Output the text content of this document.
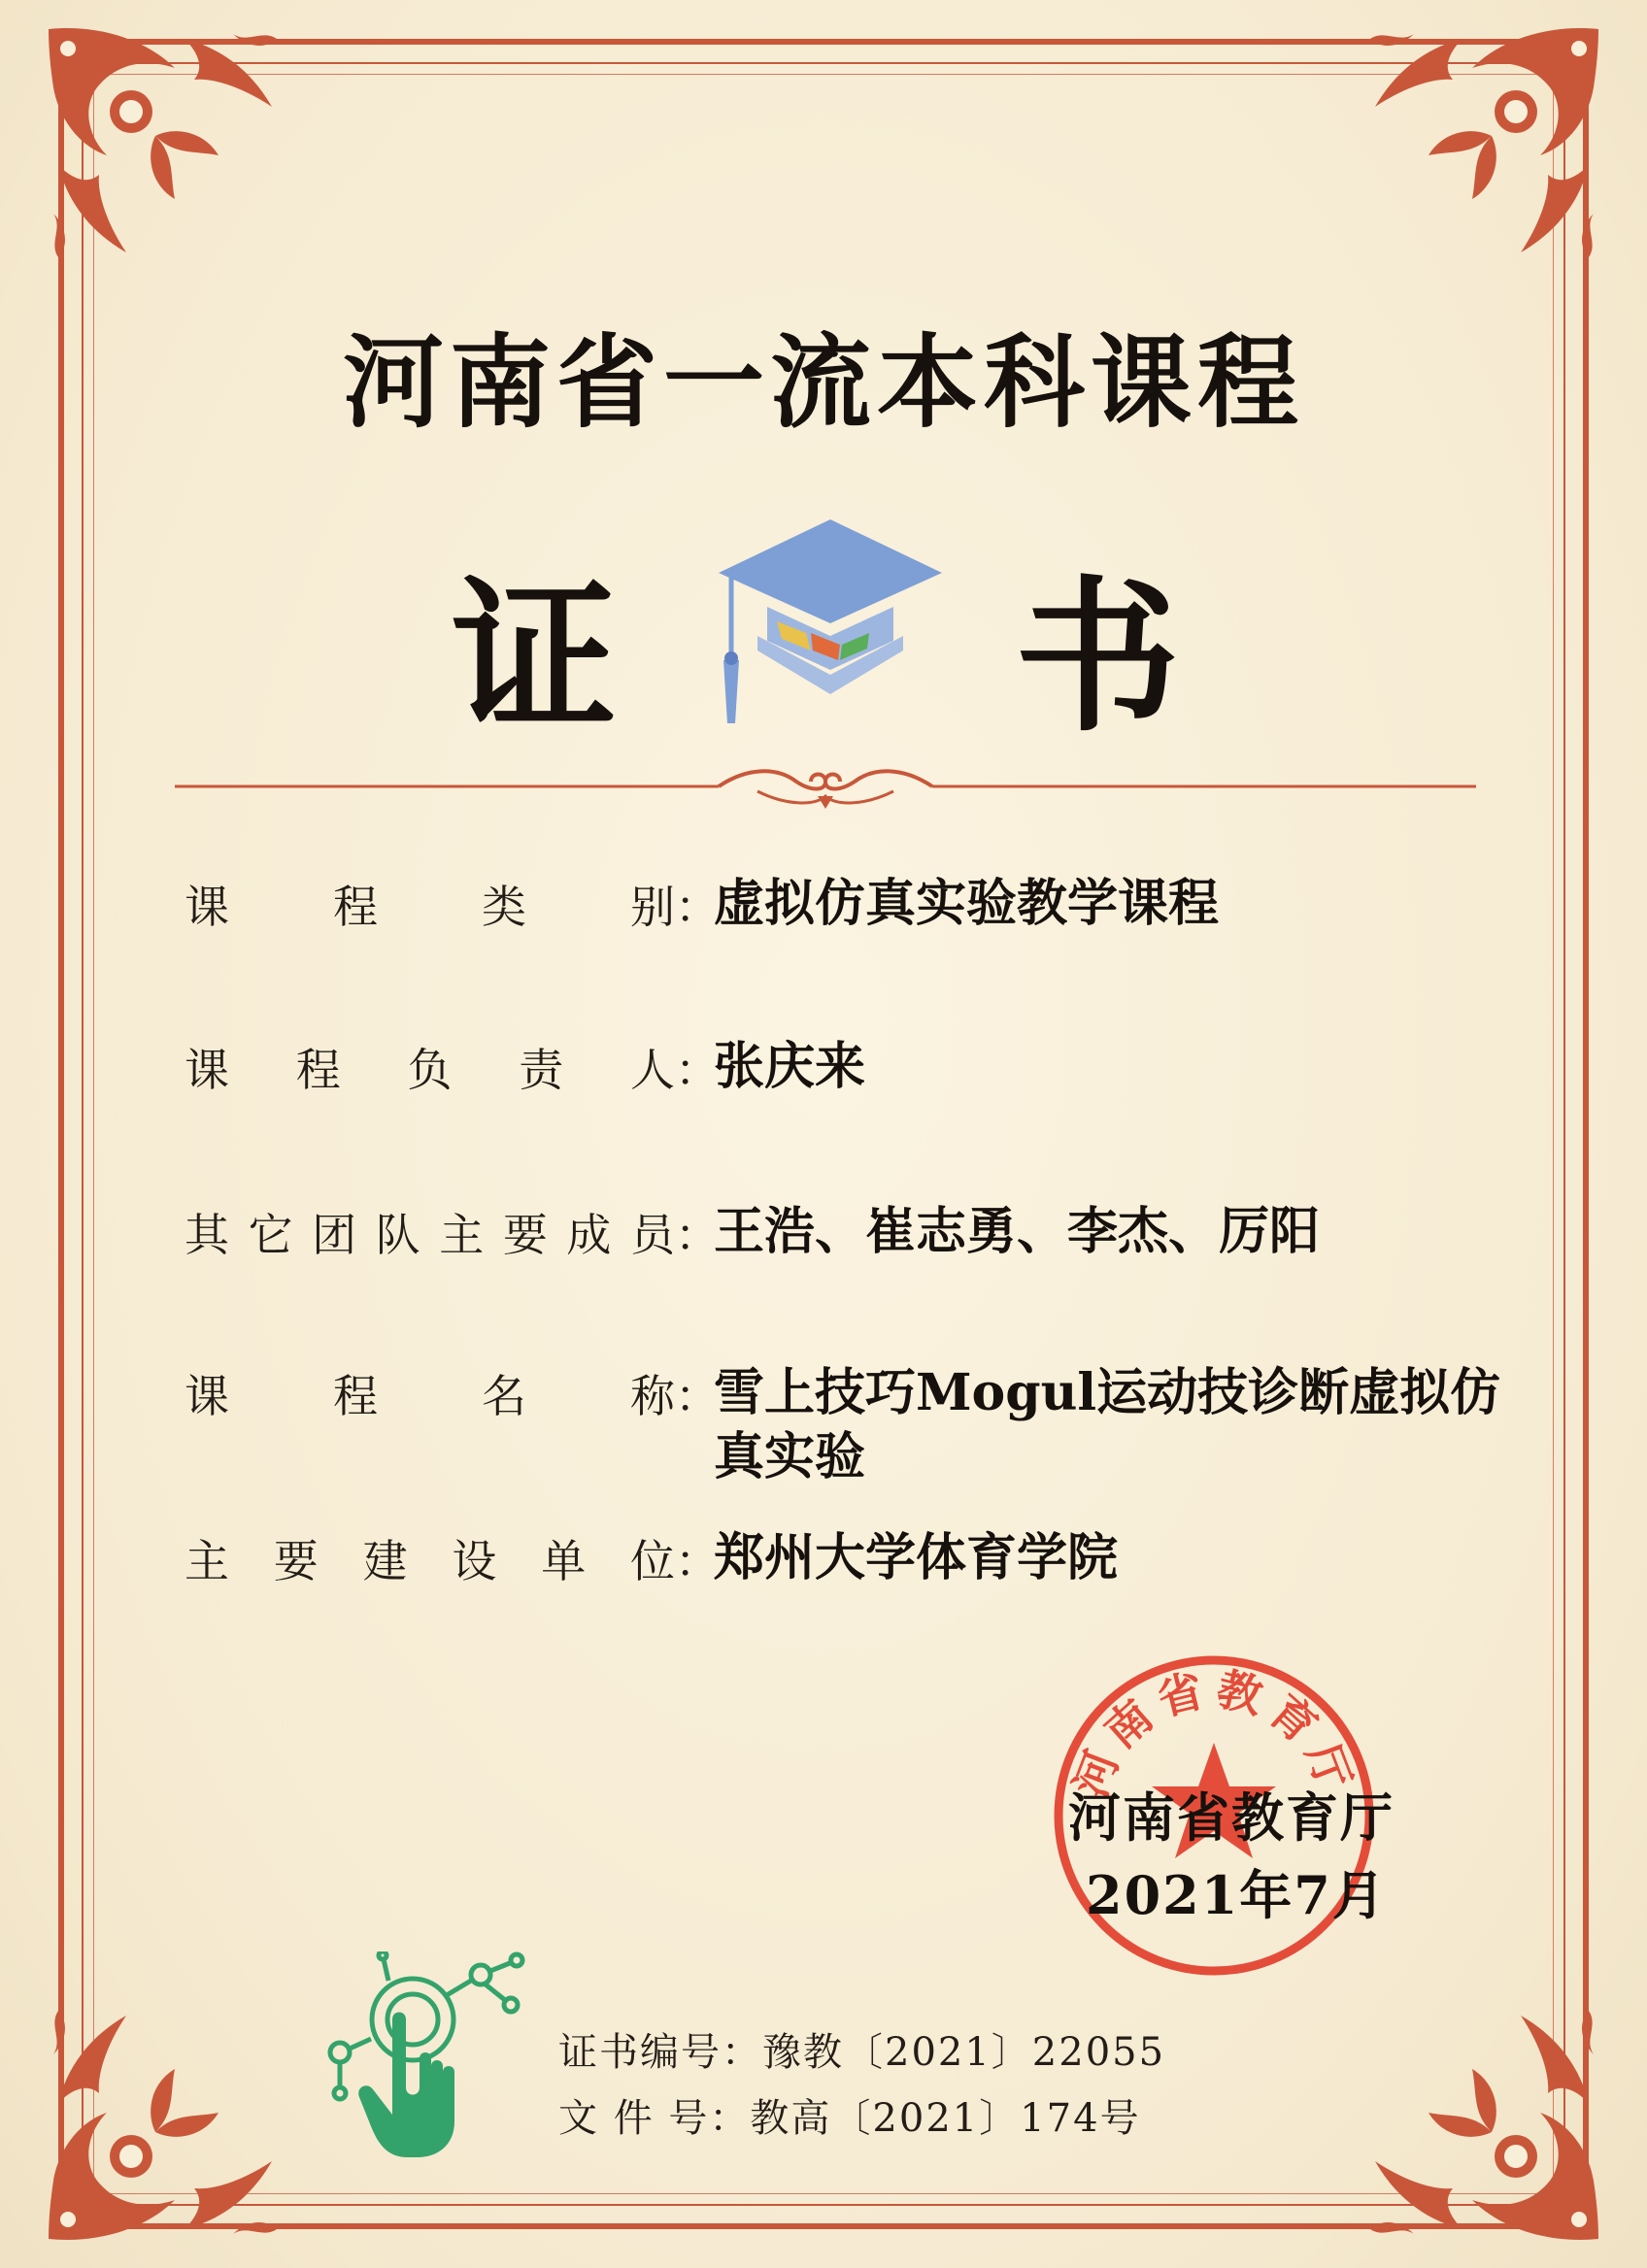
河南省一流本科课程
证 书
课 程 类 别 ：
虚拟仿真实验教学课程
课 程 负 责 人 ：
张庆来
其 它 团 队 主 要 成 员 ：
王浩、崔志勇、李杰、厉阳
课 程 名 称 ：
雪上技巧Mogul运动技诊断虚拟仿真实验
主 要 建 设 单 位 ：
郑州大学体育学院
河南省教育厅
河南省教育厅
2021年7月
证书编号：豫教〔2021〕22055
文 件 号：教高〔2021〕174号
